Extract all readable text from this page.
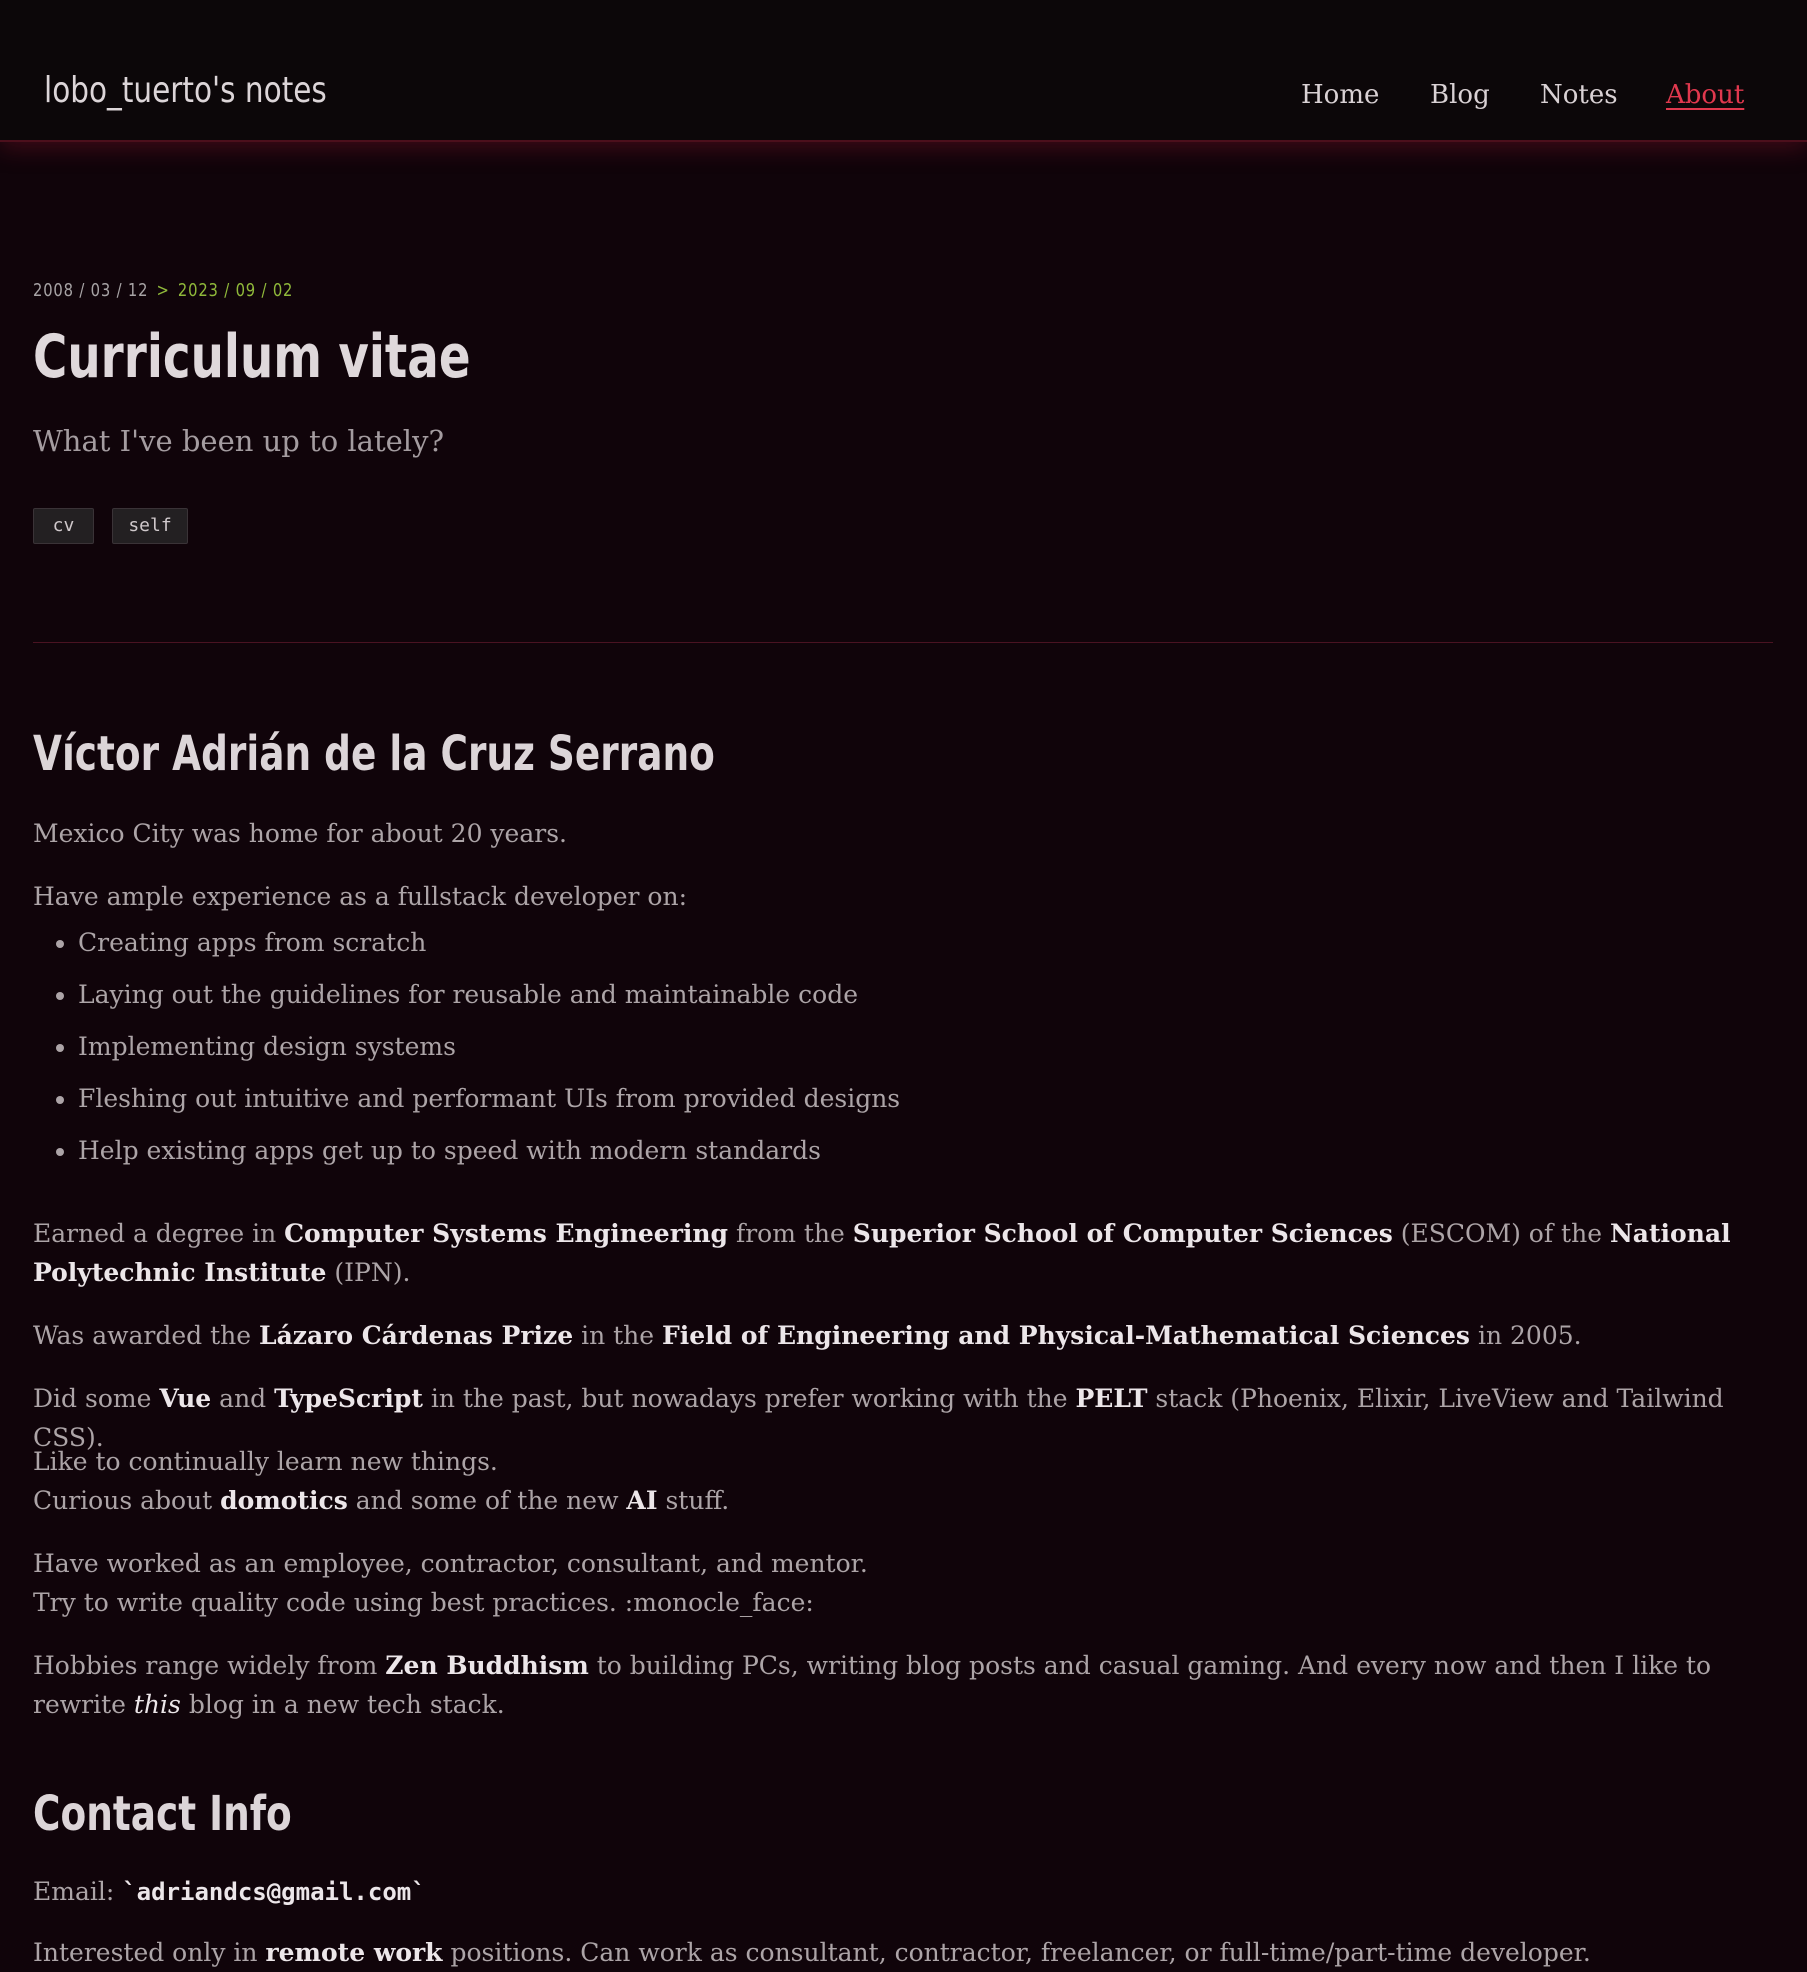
lobo_tuerto's notes	Home Blog Notes About
2008 / 03 / 12 > 2023 / 09 / 02
Curriculum vitae
What I've been up to lately?
cv	self
Víctor Adrián de la Cruz Serrano
Mexico City was home for about 20 years.
Have ample experience as a fullstack developer on:
• Creating apps from scratch
• Laying out the guidelines for reusable and maintainable code
• Implementing design systems
• Fleshing out intuitive and performant UIs from provided designs
• Help existing apps get up to speed with modern standards
Earned a degree in Computer Systems Engineering from the Superior School of Computer Sciences (ESCOM) of the National Polytechnic Institute (IPN).
Was awarded the Lázaro Cárdenas Prize in the Field of Engineering and Physical-Mathematical Sciences in 2005.
Did some Vue and TypeScript in the past, but nowadays prefer working with the PELT stack (Phoenix, Elixir, LiveView and Tailwind CSS).
Like to continually learn new things.
Curious about domotics and some of the new AI stuff.
Have worked as an employee, contractor, consultant, and mentor.
Try to write quality code using best practices. :monocle_face:
Hobbies range widely from Zen Buddhism to building PCs, writing blog posts and casual gaming. And every now and then I like to rewrite this blog in a new tech stack.
Contact Info
Email: `adriandcs@gmail.com`
Interested only in remote work positions. Can work as consultant, contractor, freelancer, or full-time/part-time developer.
